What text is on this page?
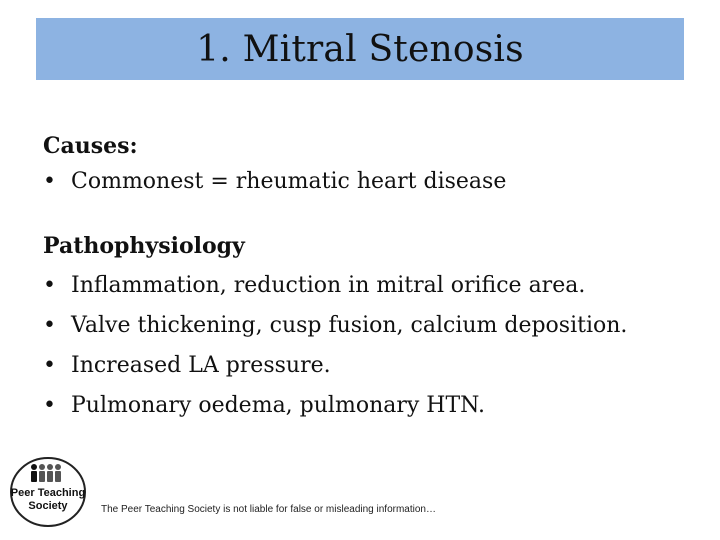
1. Mitral Stenosis
Causes:
• Commonest = rheumatic heart disease
Pathophysiology
• Inflammation, reduction in mitral orifice area.
• Valve thickening, cusp fusion, calcium deposition.
• Increased LA pressure.
• Pulmonary oedema, pulmonary HTN.
Peer Teaching
Society	The Peer Teaching Society is not liable for false or misleading information…
